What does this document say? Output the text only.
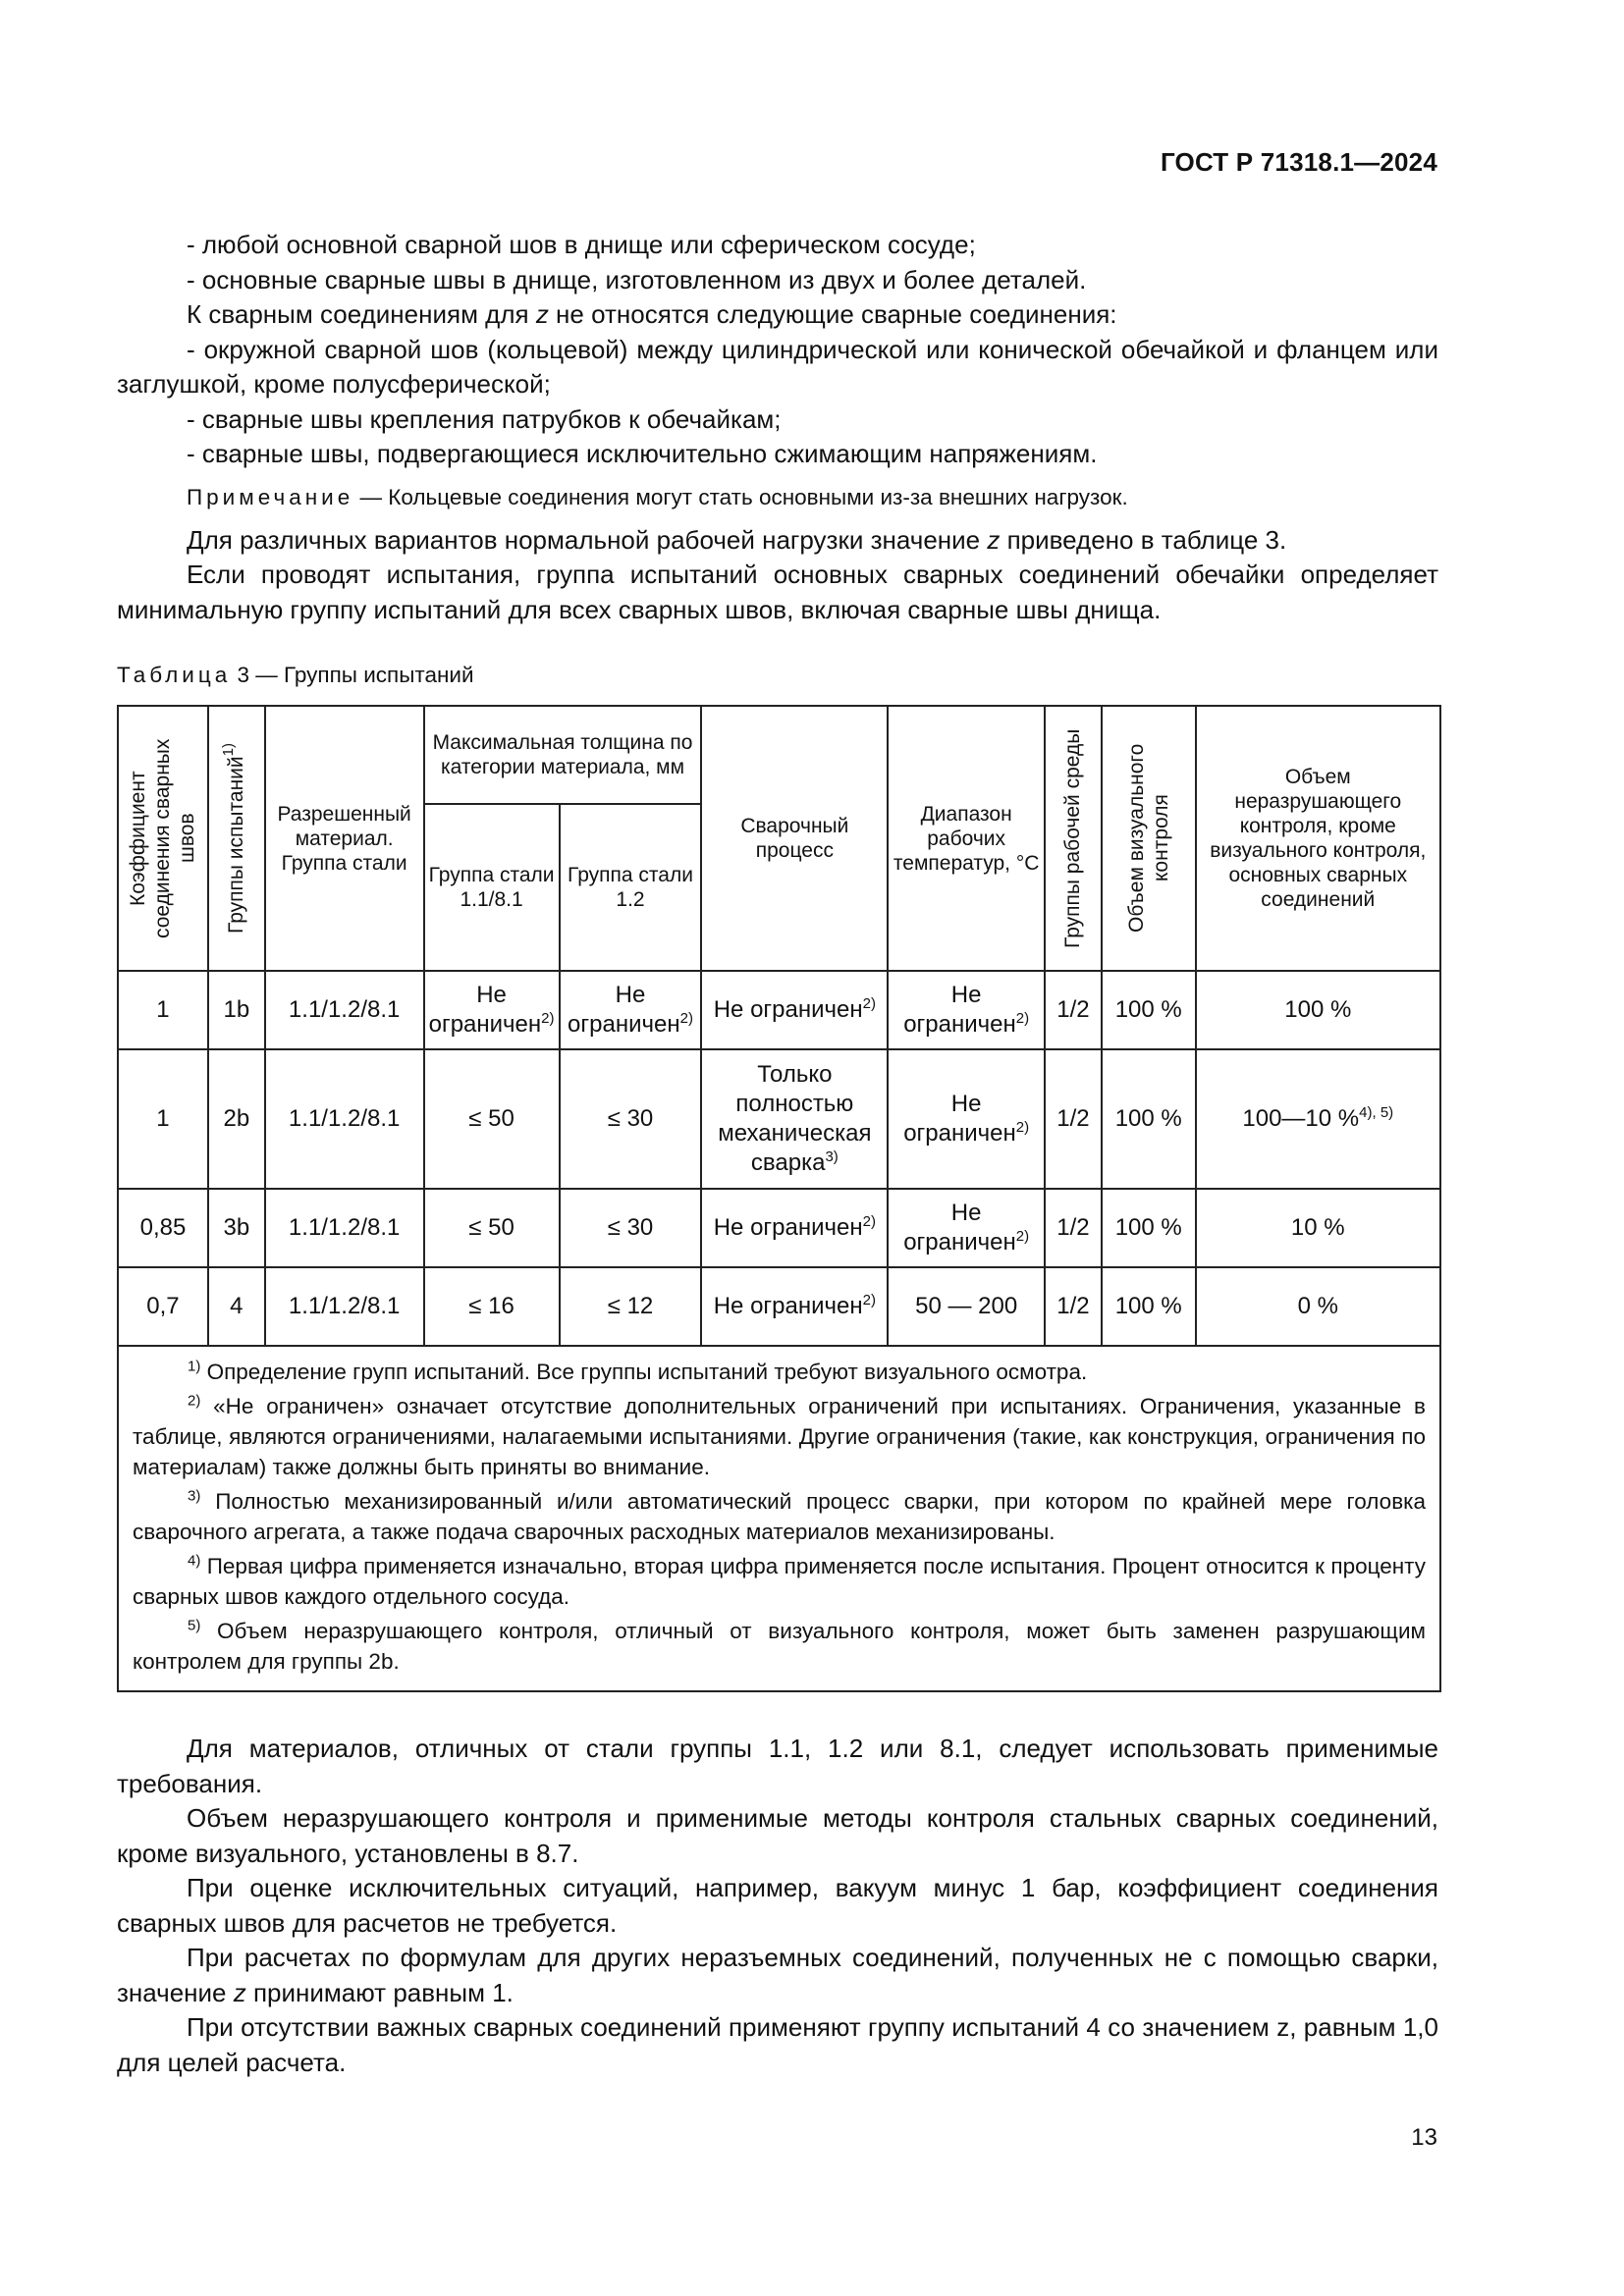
ГОСТ Р 71318.1—2024

- любой основной сварной шов в днище или сферическом сосуде;

- основные сварные швы в днище, изготовленном из двух и более деталей.

К сварным соединениям для z не относятся следующие сварные соединения:

- окружной сварной шов (кольцевой) между цилиндрической или конической обечайкой и фланцем или заглушкой, кроме полусферической;

- сварные швы крепления патрубков к обечайкам;

- сварные швы, подвергающиеся исключительно сжимающим напряжениям.

Примечание — Кольцевые соединения могут стать основными из-за внешних нагрузок.

Для различных вариантов нормальной рабочей нагрузки значение z приведено в таблице 3.

Если проводят испытания, группа испытаний основных сварных соединений обечайки определяет минимальную группу испытаний для всех сварных швов, включая сварные швы днища.

Таблица 3 — Группы испытаний
Коэффициент соединения сварных швов	Группы испытаний$^{1)}$	Разрешенный материал. Группа стали	Максимальная толщина по категории материала, мм		Сварочный процесс	Диапазон рабочих температур, °С	Группы рабочей среды	Объем визуального контроля	Объем неразрушающего контроля, кроме визуального контроля, основных сварных соединений
			Группа стали 1.1/8.1	Группа стали 1.2					
1	1b	1.1/1.2/8.1	Не ограничен$^{2)}$	Не ограничен$^{2)}$	Не ограничен$^{2)}$	Не ограничен$^{2)}$	1/2	100 %	100 %
1	2b	1.1/1.2/8.1	≤ 50	≤ 30	Только полностью механическая сварка$^{3)}$	Не ограничен$^{2)}$	1/2	100 %	100—10 %$^{4), 5)}$
0,85	3b	1.1/1.2/8.1	≤ 50	≤ 30	Не ограничен$^{2)}$	Не ограничен$^{2)}$	1/2	100 %	10 %
0,7	4	1.1/1.2/8.1	≤ 16	≤ 12	Не ограничен$^{2)}$	50 — 200	1/2	100 %	0 %

$^{1)}$ Определение групп испытаний. Все группы испытаний требуют визуального осмотра.

$^{2)}$ «Не ограничен» означает отсутствие дополнительных ограничений при испытаниях. Ограничения, указанные в таблице, являются ограничениями, налагаемыми испытаниями. Другие ограничения (такие, как конструкция, ограничения по материалам) также должны быть приняты во внимание.

$^{3)}$ Полностью механизированный и/или автоматический процесс сварки, при котором по крайней мере головка сварочного агрегата, а также подача сварочных расходных материалов механизированы.

$^{4)}$ Первая цифра применяется изначально, вторая цифра применяется после испытания. Процент относится к проценту сварных швов каждого отдельного сосуда.

$^{5)}$ Объем неразрушающего контроля, отличный от визуального контроля, может быть заменен разрушающим контролем для группы 2b.									

Для материалов, отличных от стали группы 1.1, 1.2 или 8.1, следует использовать применимые требования.

Объем неразрушающего контроля и применимые методы контроля стальных сварных соединений, кроме визуального, установлены в 8.7.

При оценке исключительных ситуаций, например, вакуум минус 1 бар, коэффициент соединения сварных швов для расчетов не требуется.

При расчетах по формулам для других неразъемных соединений, полученных не с помощью сварки, значение z принимают равным 1.

При отсутствии важных сварных соединений применяют группу испытаний 4 со значением z, равным 1,0 для целей расчета.

13
